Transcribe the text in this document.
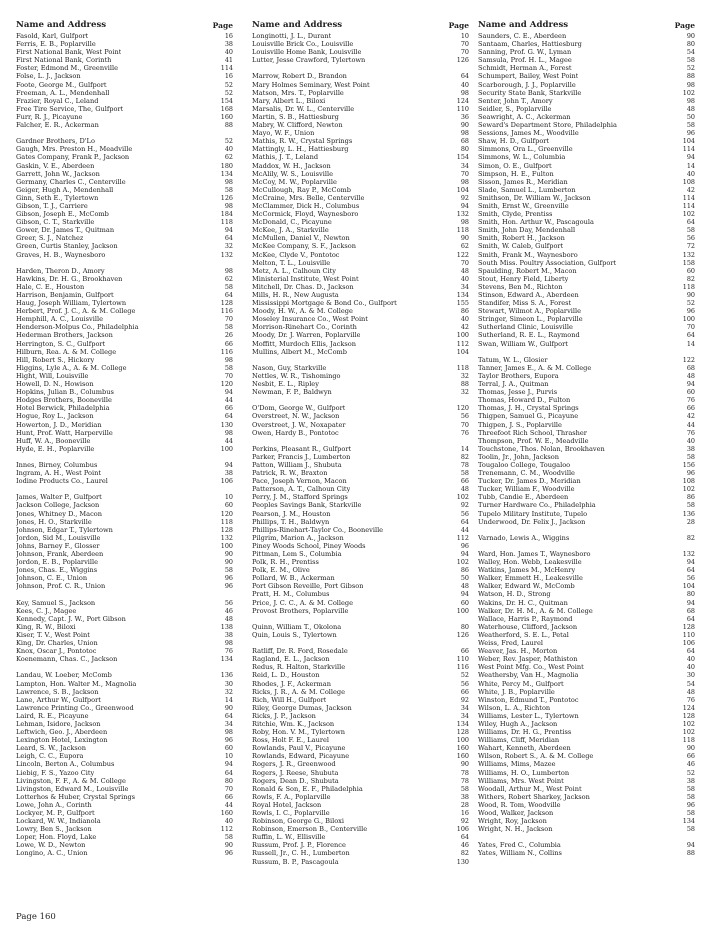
Name and Address	Page
Fasold, Karl, Gulfport	16
Ferris, E. B., Poplarville	38
First National Bank, West Point	40
First National Bank, Corinth	41
Foster, Edmond M., Greenville	114
Folse, L. J., Jackson	16
Foote, George M., Gulfport	52
Freeman, A. L., Mendenhall	52
Frazier, Royal C., Leland	154
Free Tire Service, The, Gulfport	168
Furr, R. J., Picayune	160
Falcher, E. R., Ackerman	88
Gardner Brothers, D'Lo	52
Gaugh, Mrs. Preston H., Meadville	40
Gates Company, Frank P., Jackson	62
Gaskin, V. E., Aberdeen	180
Garrett, John W., Jackson	134
Germany, Charles C., Centerville	98
Geiger, Hugh A., Mendenhall	58
Ginn, Seth E., Tylertown	126
Gibson, T. J., Carriere	98
Gibson, Joseph E., McComb	184
Gibson, C. T., Starkville	118
Gower, Dr. James T., Quitman	94
Greer, S. J., Natchez	64
Green, Curtis Stanley, Jackson	32
Graves, H. B., Waynesboro	132
Harden, Theron D., Amory	98
Hawkins, Dr. H. G., Brookhaven	62
Hale, C. E., Houston	58
Harrison, Benjamin, Gulfport	64
Haug, Joseph William, Tylertown	128
Herbert, Prof. J. C., A. & M. College	116
Hemphill, A. C., Louisville	70
Henderson-Molpus Co., Philadelphia	58
Hederman Brothers, Jackson	26
Herrington, S. C., Gulfport	66
Hilburn, Rea. A. & M. College	116
Hill, Robert S., Hickory	98
Higgins, Lyle A., A. & M. College	58
Hight, Will, Louisville	70
Howell, D. N., Howison	120
Hopkins, Julian B., Columbus	94
Hodges Brothers, Booneville	44
Hotel Berwick, Philadelphia	66
Hogue, Roy L., Jackson	64
Howerton, J. D., Meridian	130
Hunt, Prof. Watt, Harperville	98
Huff, W. A., Booneville	44
Hyde, E. H., Poplarville	100
Innes, Birney, Columbus	94
Ingram, A. H., West Point	38
Iodine Products Co., Laurel	106
James, Walter P., Gulfport	10
Jackson College, Jackson	60
Jones, Whitney D., Macon	120
Jones, H. O., Starkville	118
Johnson, Edgar T., Tylertown	128
Jordon, Sid M., Louisville	132
Johns, Barney F., Glosser	100
Johnson, Frank, Aberdeen	90
Jordon, E. B., Poplarville	90
Jones, Chas. E., Wiggins	58
Johnson, C. E., Union	96
Johnson, Prof. C. R., Union	96
Key, Samuel S., Jackson	56
Kees, C. J., Magee	46
Kennedy, Capt. J. W., Port Gibson	48
King, R. W., Biloxi	138
Kiser, T. V., West Point	38
King, Dr. Charles, Union	98
Knox, Oscar J., Pontotoc	76
Koenemann, Chas. C., Jackson	134
Landau, W. Loeber, McComb	136
Lampton, Hon. Walter M., Magnolia	30
Lawrence, S. B., Jackson	32
Lane, Arthur W., Gulfport	14
Lawrence Printing Co., Greenwood	90
Laird, R. E., Picayune	64
Lehman, Isidore, Jackson	34
Leftwich, Geo. J., Aberdeen	98
Lexington Hotel, Lexington	96
Leard, S. W., Jackson	60
Leigh, C. C., Eupora	10
Lincoln, Berton A., Columbus	94
Liebig, F. S., Yazoo City	64
Livingston, F. F., A. & M. College	80
Livingston, Edward M., Louisville	70
Lotterhos & Huber, Crystal Springs	66
Lowe, John A., Corinth	44
Lockyer, M. P., Gulfport	160
Lockard, W. W., Indianola	40
Lowry, Ben S., Jackson	112
Loper, Hon. Floyd, Lake	58
Lowe, W. D., Newton	90
Longino, A. C., Union	96
Name and Address	Page
Longinotti, J. L., Durant	10
Louisville Brick Co., Louisville	70
Louisville Home Bank, Louisville	70
Lutter, Jesse Crawford, Tylertown	126
Marrow, Robert D., Brandon	64
Mary Holmes Seminary, West Point	40
Matson, Mrs. T., Poplarville	98
Mary, Albert L., Biloxi	124
Marsalis, Dr. W. L., Centerville	110
Martin, S. B., Hattiesburg	36
Mabry, W. Clifford, Newton	90
Mayo, W. F., Union	98
Mathis, R. W., Crystal Springs	68
Mattingly, L. H., Hattiesburg	80
Mathis, J. T., Leland	154
Maddox, W. H., Jackson	34
McAlily, W. S., Louisville	70
McCoy, M. W., Poplarville	98
McCullough, Ray P., McComb	104
McCraine, Mrs. Belle, Centerville	92
McClammer, Dick H., Columbus	94
McCormick, Floyd, Waynesboro	132
McDonald, C., Picayune	98
McKee, J. A., Starkville	118
McMullen, Daniel V., Newton	90
McKee Company, S. F., Jackson	62
McKee, Clyde V., Pontotoc	122
Melton, T. L., Louisville	70
Metz, A. L., Calhoun City	48
Ministerial Institute, West Point	40
Mitchell, Dr. Chas. D., Jackson	34
Mills, H. R., New Augusta	134
Mississippi Mortgage & Bond Co., Gulfport	155
Moody, H. W., A. & M. College	86
Moseley Insurance Co., West Point	40
Morrison-Rinehart Co., Corinth	42
Moody, Dr. J. Warren, Poplarville	100
Moffitt, Murdoch Ellis, Jackson	112
Mullins, Albert M., McComb	104
Nason, Guy, Starkville	118
Nettles, W. R., Tishomingo	32
Nesbit, E. L., Ripley	88
Newman, F. P., Baldwyn	32
O'Dom, George W., Gulfport	120
Overstreet, N. W., Jackson	56
Overstreet, J. W., Noxapater	70
Owen, Hardy B., Pontotoc	76
Perkins, Pleasant R., Gulfport	14
Parker, Francis J., Lumberton	82
Patton, William J., Shubuta	78
Patrick, R. W., Braxton	58
Pace, Joseph Vernon, Macon	66
Patterson, A. T., Calhoun City	48
Perry, J. M., Stafford Springs	102
Peoples Savings Bank, Starkville	92
Pearson, J. M., Houston	56
Phillips, T. H., Baldwyn	64
Phillips-Rinehart-Taylor Co., Booneville	44
Pilgrim, Marion A., Jackson	112
Piney Woods School, Piney Woods	96
Pittman, Lem S., Columbia	94
Polk, R. H., Prentiss	102
Polk, E. M., Olive	86
Pollard, W. B., Ackerman	50
Port Gibson Reveille, Port Gibson	48
Pratt, H. M., Columbus	94
Price, J. C. C., A. & M. College	60
Provost Brothers, Poplarville	100
Quinn, William T., Okolona	80
Quin, Louis S., Tylertown	126
Ratliff, Dr. R. Ford, Rosedale	66
Ragland, E. L., Jackson	110
Redus, R. Halton, Starkville	116
Reid, L. D., Houston	52
Rhodes, J. F., Ackerman	56
Ricks, J. R., A. & M. College	66
Rich, Will H., Gulfport	92
Riley, George Dumas, Jackson	34
Ricks, J. P., Jackson	34
Ritchie, Wm. K., Jackson	134
Roby, Hon. V. M., Tylertown	128
Ross, Holt F. E., Laurel	100
Rowlands, Paul V., Picayune	160
Rowlands, Edward, Picayune	160
Rogers, J. R., Greenwood	90
Rogers, J. Reese, Shubuta	78
Rogers, Dean D., Shubuta	78
Ronald & Son, E. F., Philadelphia	58
Rowls, F. A., Poplarville	38
Royal Hotel, Jackson	28
Rowls, I. C., Poplarville	16
Robinson, George G., Biloxi	92
Robinson, Emerson B., Centerville	106
Ruffin, L. W., Ellisville	64
Russum, Prof. J. P., Florence	46
Russell, Jr., C. H., Lumberton	82
Russum, B. P., Pascagoula	130
Name and Address	Page
Saunders, C. E., Aberdeen	90
Santaam, Charles, Hattiesburg	80
Sanning, Prof. G. W., Lyman	54
Samsula, Prof. H. L., Magee	58
Schmidt, Herman A., Forest	52
Schumpert, Bailey, West Point	88
Scarborough, J. J., Poplarville	98
Security State Bank, Starkville	102
Senter, John T., Amory	98
Seidler, S., Poplarville	48
Seawright, A. C., Ackerman	50
Seward's Department Store, Philadelphia	58
Sessions, James M., Woodville	96
Shaw, H. D., Gulfport	104
Simmons, Ora L., Greenville	114
Simmons, W. L., Columbia	94
Simon, O. E., Gulfport	14
Simpson, H. E., Fulton	40
Sisson, James R., Meridian	108
Slade, Samuel L., Lumberton	42
Smithson, Dr. William W., Jackson	114
Smith, Ernst W., Greenville	114
Smith, Clyde, Prentiss	102
Smith, Hon. Arthur W., Pascagoula	64
Smith, John Day, Mendenhall	58
Smith, Robert H., Jackson	56
Smith, W. Caleb, Gulfport	72
Smith, Frank M., Waynesboro	132
South Miss. Poultry Association, Gulfport	158
Spaulding, Robert M., Macon	60
Stout, Henry Field, Liberty	82
Stevens, Ben M., Richton	118
Stinson, Edward A., Aberdeen	90
Standifer, Miss S. A., Forest	52
Stewart, Wilmot A., Poplarville	96
Stringer, Simeon L., Poplarville	100
Sutherland Clinic, Louisville	70
Sutherland, R. E. L., Raymond	64
Swan, William W., Gulfport	14
Tatum, W. L., Glosier	122
Tanner, James E., A. & M. College	68
Taylor Brothers, Eupora	48
Terral, J. A., Quitman	94
Thomas, Jesse J., Purvis	60
Thomas, Howard D., Fulton	76
Thomas, J. H., Crystal Springs	66
Thigpen, Samuel G., Picayune	42
Thigpen, J. S., Poplarville	44
Threefoot Rich School, Thrasher	76
Thompson, Prof. W. E., Meadville	40
Touchstone, Thos. Nolan, Brookhaven	38
Toolin, Jr., John, Jackson	58
Tougaloo College, Tougaloo	156
Trenemann, C. M., Woodville	96
Tucker, Dr. James D., Meridian	108
Tucker, William F., Woodville	102
Tubb, Candie E., Aberdeen	86
Turner Hardware Co., Philadelphia	58
Tupelo Military Institute, Tupelo	136
Underwood, Dr. Felix J., Jackson	28
Varnado, Lewis A., Wiggins	82
Ward, Hon. James T., Waynesboro	132
Walley, Hon. Webb, Leakesville	94
Watkins, James M., McHenry	64
Walker, Emmett H., Leakesville	56
Walker, Edward W., McComb	104
Watson, H. D., Strong	80
Wakins, Dr. H. C., Quitman	94
Walker, Dr. H. M., A. & M. College	68
Wallace, Harris P., Raymond	64
Waterhouse, Clifford, Jackson	128
Weatherford, S. E. L., Petal	110
Weiss, Fred, Laurel	106
Weaver, Jas. H., Morton	64
Weber, Rev. Jasper, Mathiston	40
West Point Mfg. Co., West Point	40
Weathersby, Van H., Magnolia	30
White, Percy M., Gulfport	54
White, J. B., Poplarville	48
Winston, Edmund T., Pontotoc	76
Wilson, L. A., Richton	124
Williams, Lester L., Tylertown	128
Wiley, Hugh A., Jackson	102
Williams, Dr. H. G., Prentiss	102
Williams, Cliff, Meridian	118
Wahart, Kenneth, Aberdeen	90
Wilson, Robert S., A. & M. College	66
Williams, Mims, Mazee	46
Williams, H. O., Lumberton	52
Williams, Mrs. West Point	38
Woodall, Arthur M., West Point	58
Withers, Robert Sharkey, Jackson	58
Wood, R. Tom, Woodville	96
Wood, Walker, Jackson	58
Wright, Roy, Jackson	134
Wright, N. H., Jackson	58
Yates, Fred C., Columbia	94
Yates, William N., Collins	88
Page 160
